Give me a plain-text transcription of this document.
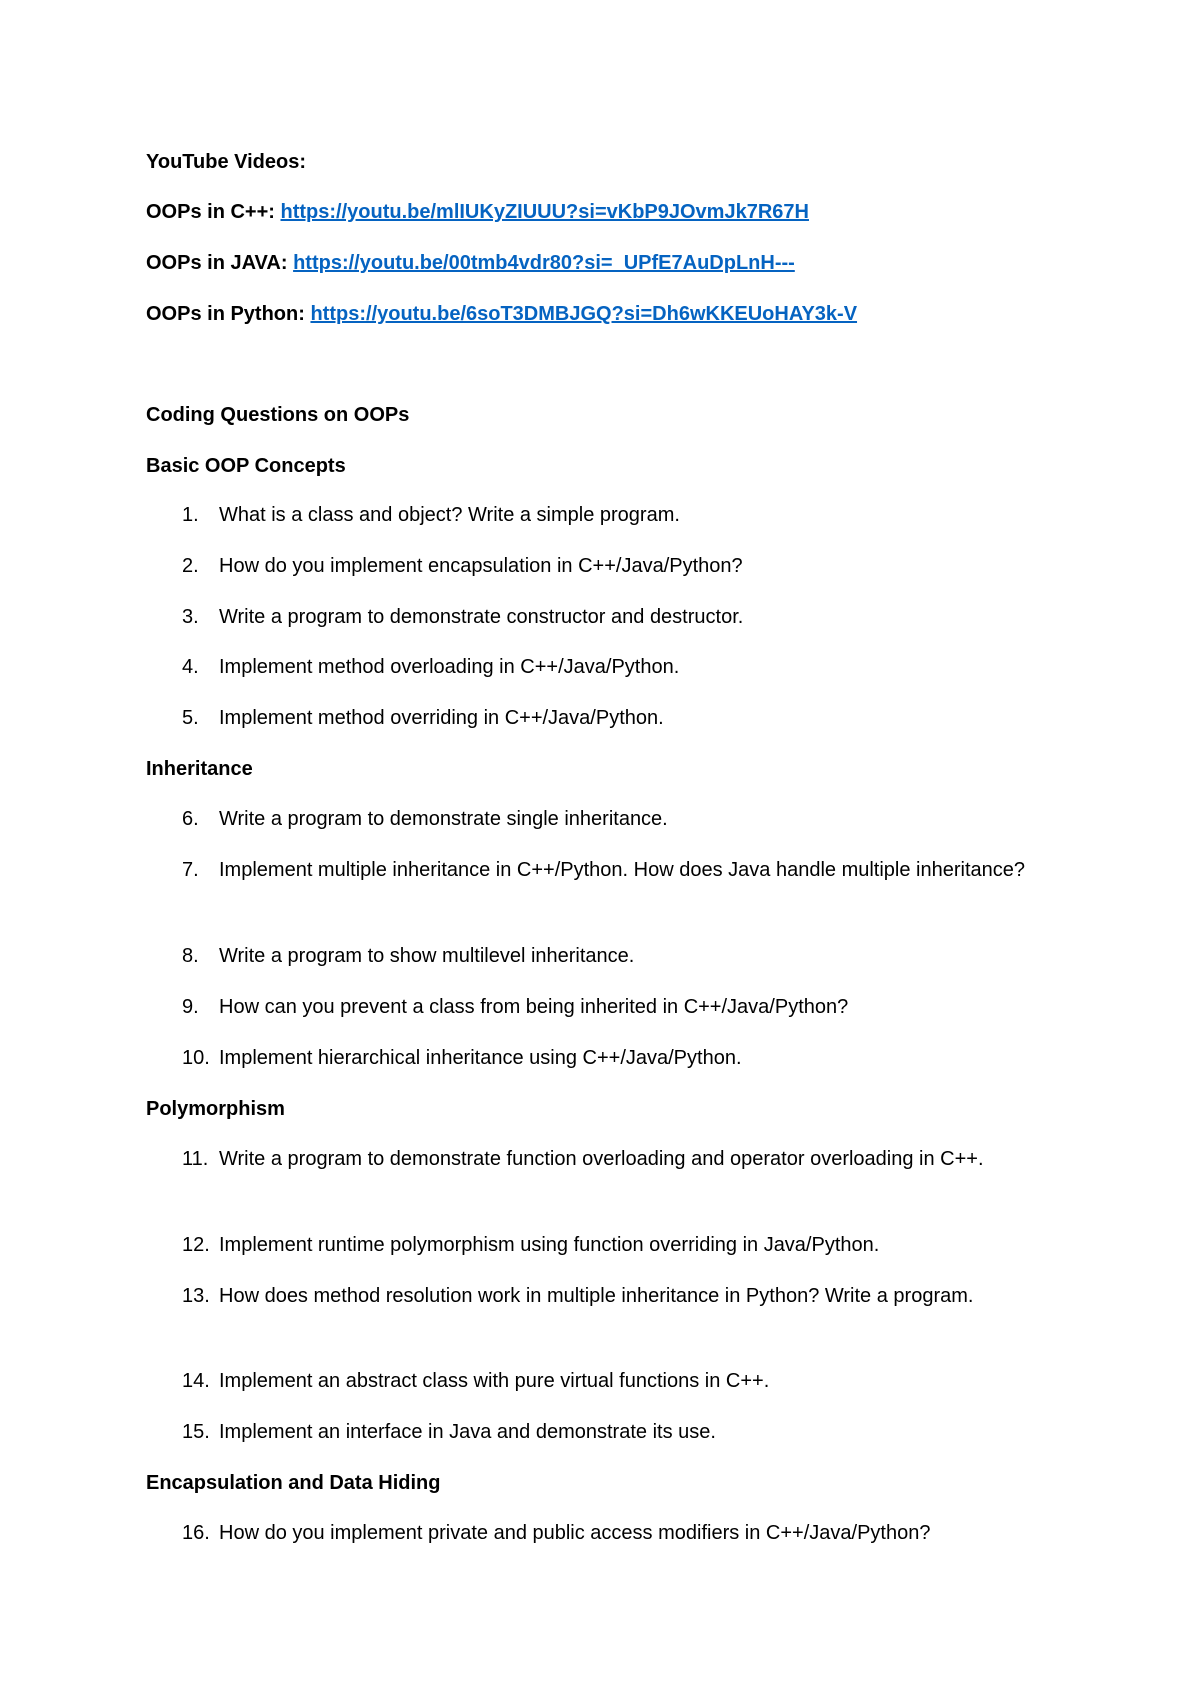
YouTube Videos:
OOPs in C++: https://youtu.be/mlIUKyZIUUU?si=vKbP9JOvmJk7R67H
OOPs in JAVA: https://youtu.be/00tmb4vdr80?si=_UPfE7AuDpLnH---
OOPs in Python: https://youtu.be/6soT3DMBJGQ?si=Dh6wKKEUoHAY3k-V
Coding Questions on OOPs
Basic OOP Concepts
1. What is a class and object? Write a simple program.
2. How do you implement encapsulation in C++/Java/Python?
3. Write a program to demonstrate constructor and destructor.
4. Implement method overloading in C++/Java/Python.
5. Implement method overriding in C++/Java/Python.
Inheritance
6. Write a program to demonstrate single inheritance.
7. Implement multiple inheritance in C++/Python. How does Java handle multiple inheritance?
8. Write a program to show multilevel inheritance.
9. How can you prevent a class from being inherited in C++/Java/Python?
10. Implement hierarchical inheritance using C++/Java/Python.
Polymorphism
11. Write a program to demonstrate function overloading and operator overloading in C++.
12. Implement runtime polymorphism using function overriding in Java/Python.
13. How does method resolution work in multiple inheritance in Python? Write a program.
14. Implement an abstract class with pure virtual functions in C++.
15. Implement an interface in Java and demonstrate its use.
Encapsulation and Data Hiding
16. How do you implement private and public access modifiers in C++/Java/Python?
